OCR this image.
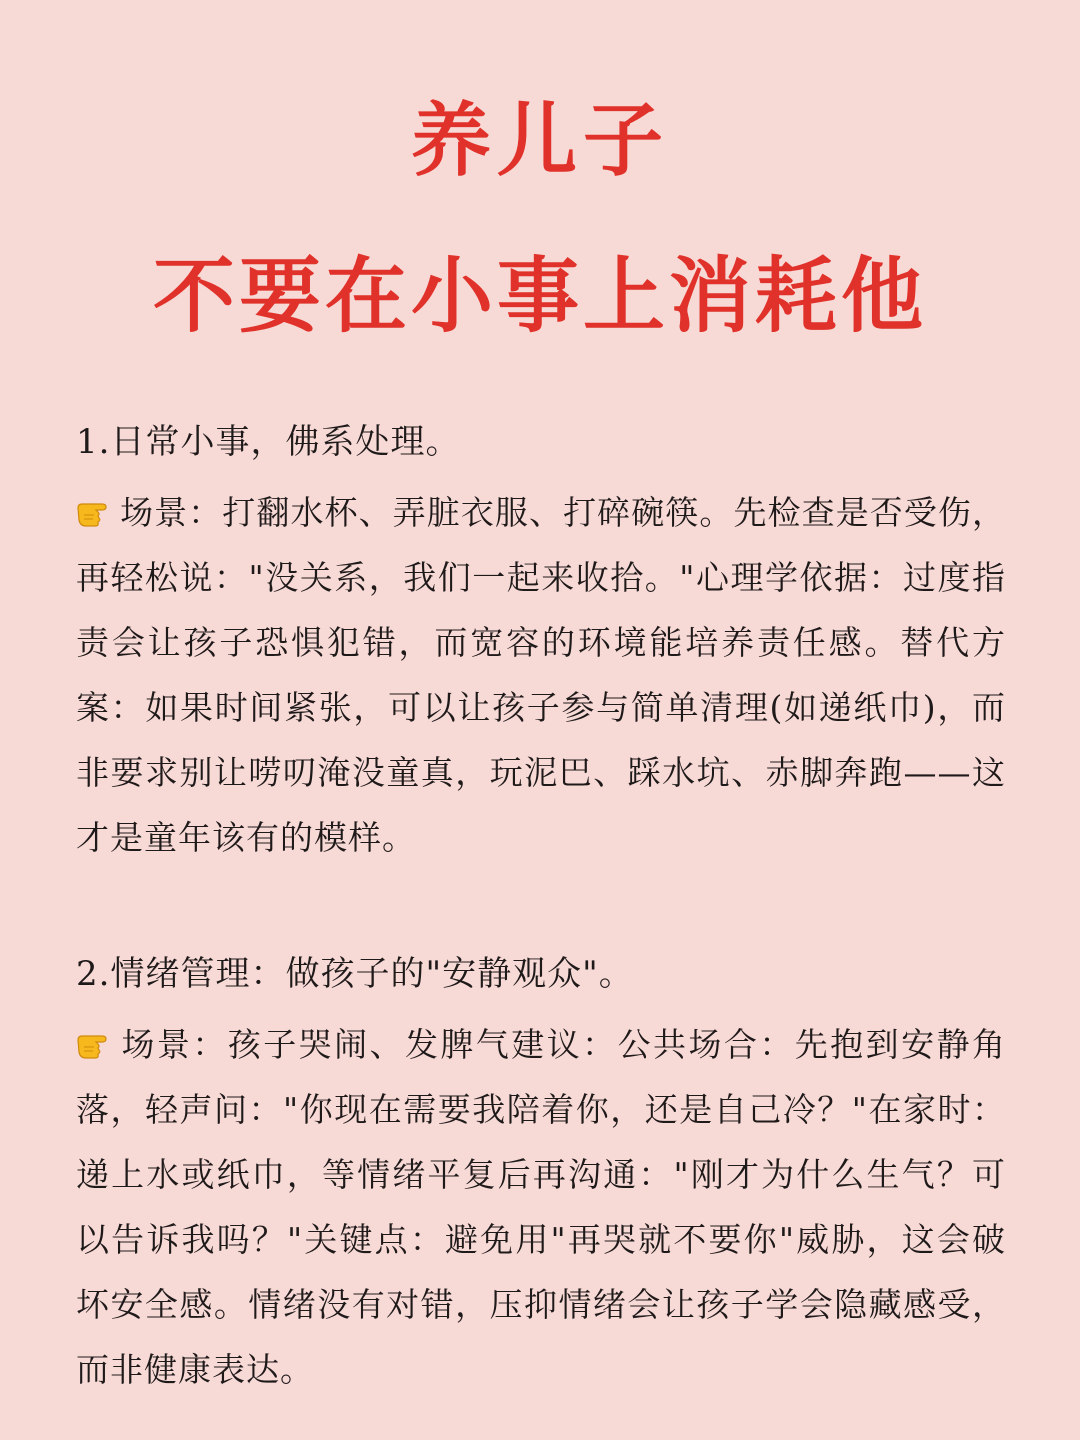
养儿子
不要在小事上消耗他

1.日常小事，佛系处理。

场景：打翻水杯、弄脏衣服、打碎碗筷。先检查是否受伤，再轻松说："没关系，我们一起来收拾。"心理学依据：过度指责会让孩子恐惧犯错，而宽容的环境能培养责任感。替代方案：如果时间紧张，可以让孩子参与简单清理(如递纸巾)，而非要求别让唠叨淹没童真，玩泥巴、踩水坑、赤脚奔跑——这才是童年该有的模样。

2.情绪管理：做孩子的"安静观众"。

场景：孩子哭闹、发脾气建议：公共场合：先抱到安静角落，轻声问："你现在需要我陪着你，还是自己冷？"在家时：递上水或纸巾，等情绪平复后再沟通："刚才为什么生气？可以告诉我吗？"关键点：避免用"再哭就不要你"威胁，这会破坏安全感。情绪没有对错，压抑情绪会让孩子学会隐藏感受，而非健康表达。
